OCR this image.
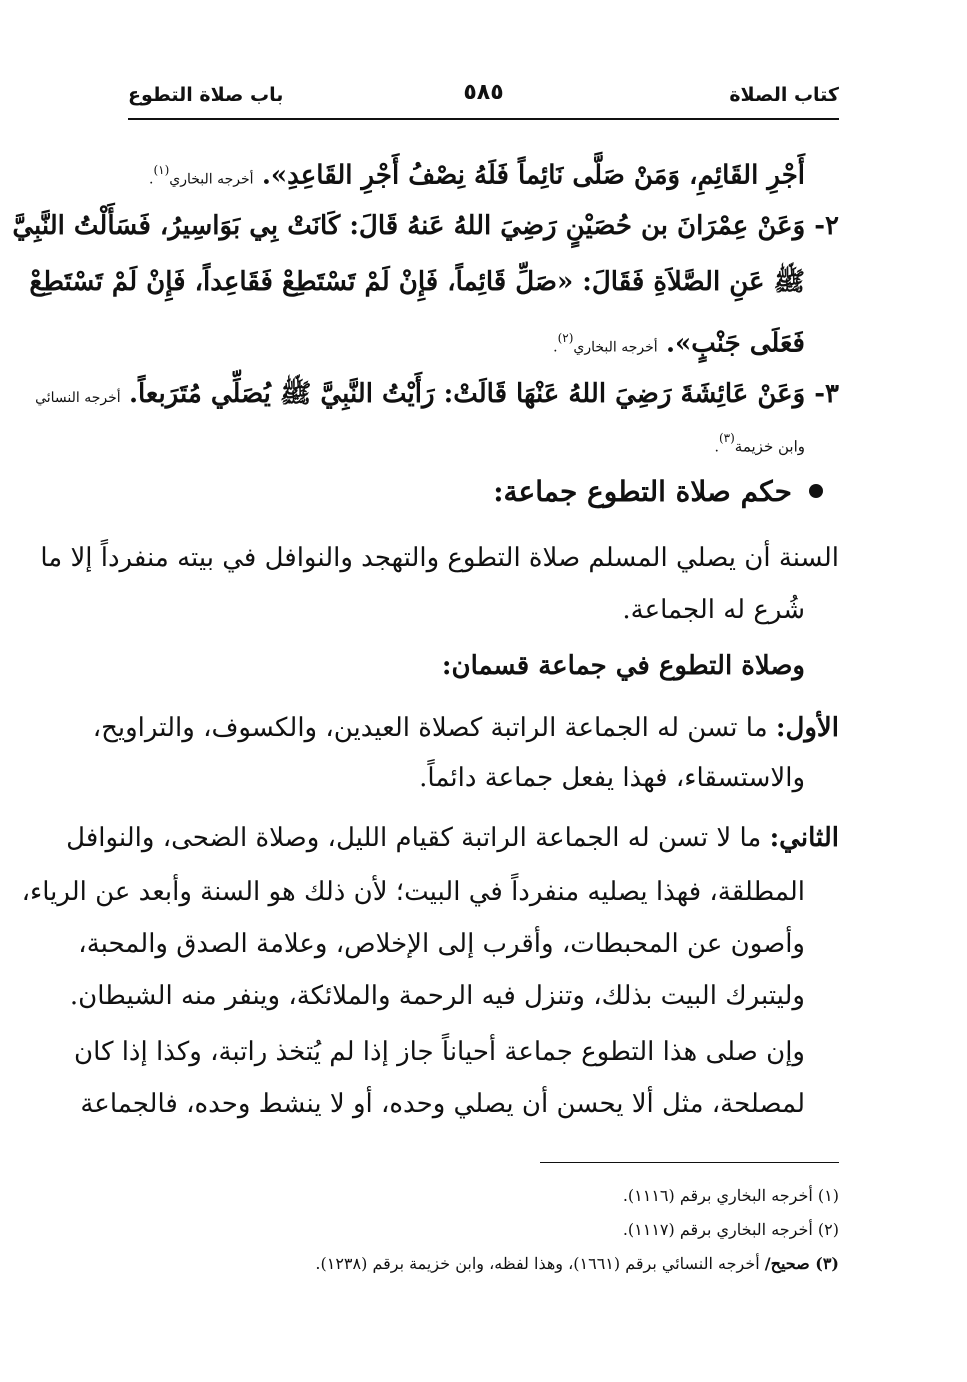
كتاب الصلاة
٥٨٥
باب صلاة التطوع
أَجْرِ القَائِمِ، وَمَنْ صَلَّى نَائِماً فَلَهُ نِصْفُ أَجْرِ القَاعِدِ». أخرجه البخاري$^{(١)}$.
٢- وَعَنْ عِمْرَانَ بن حُصَيْنٍ رَضِيَ اللهُ عَنهُ قَالَ: كَانَتْ بِي بَوَاسِيرُ، فَسَأَلْتُ النَّبِيَّ
ﷺ عَنِ الصَّلاَةِ فَقَالَ: «صَلِّ قَائِماً، فَإِنْ لَمْ تَسْتَطِعْ فَقَاعِداً، فَإِنْ لَمْ تَسْتَطِعْ
فَعَلَى جَنْبٍ». أخرجه البخاري$^{(٢)}$.
٣- وَعَنْ عَائِشَةَ رَضِيَ اللهُ عَنْهَا قَالَتْ: رَأَيْتُ النَّبِيَّ ﷺ يُصَلِّي مُتَرَبعاً. أخرجه النسائي
وابن خزيمة$^{(٣)}$.
حكم صلاة التطوع جماعة:
السنة أن يصلي المسلم صلاة التطوع والتهجد والنوافل في بيته منفرداً إلا ما
شُرع له الجماعة.
وصلاة التطوع في جماعة قسمان:
الأول: ما تسن له الجماعة الراتبة كصلاة العيدين، والكسوف، والتراويح،
والاستسقاء، فهذا يفعل جماعة دائماً.
الثاني: ما لا تسن له الجماعة الراتبة كقيام الليل، وصلاة الضحى، والنوافل
المطلقة، فهذا يصليه منفرداً في البيت؛ لأن ذلك هو السنة وأبعد عن الرياء،
وأصون عن المحبطات، وأقرب إلى الإخلاص، وعلامة الصدق والمحبة،
وليتبرك البيت بذلك، وتنزل فيه الرحمة والملائكة، وينفر منه الشيطان.
وإن صلى هذا التطوع جماعة أحياناً جاز إذا لم يُتخذ راتبة، وكذا إذا كان
لمصلحة، مثل ألا يحسن أن يصلي وحده، أو لا ينشط وحده، فالجماعة
(١) أخرجه البخاري برقم (١١١٦).
(٢) أخرجه البخاري برقم (١١١٧).
(٣) صحيح/ أخرجه النسائي برقم (١٦٦١)، وهذا لفظه، وابن خزيمة برقم (١٢٣٨).
